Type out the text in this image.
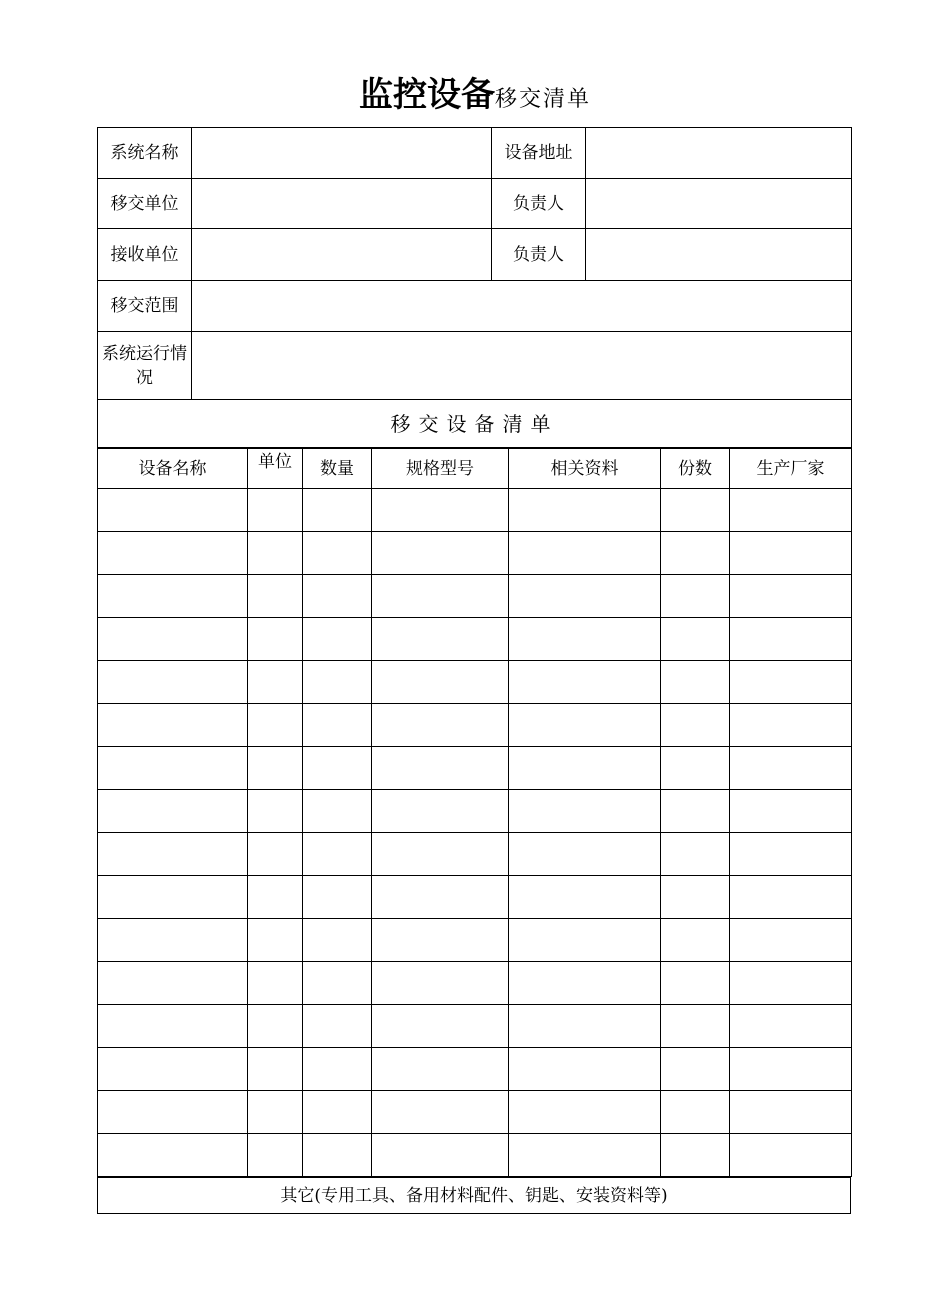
监控设备移交清单
系统名称		设备地址	
移交单位		负责人	
接收单位		负责人	
移交范围			
系统运行情 况			
移交设备清单			
设备名称	单位	数量	规格型号	相关资料	份数	生产厂家

其它(专用工具、备用材料配件、钥匙、安装资料等)
